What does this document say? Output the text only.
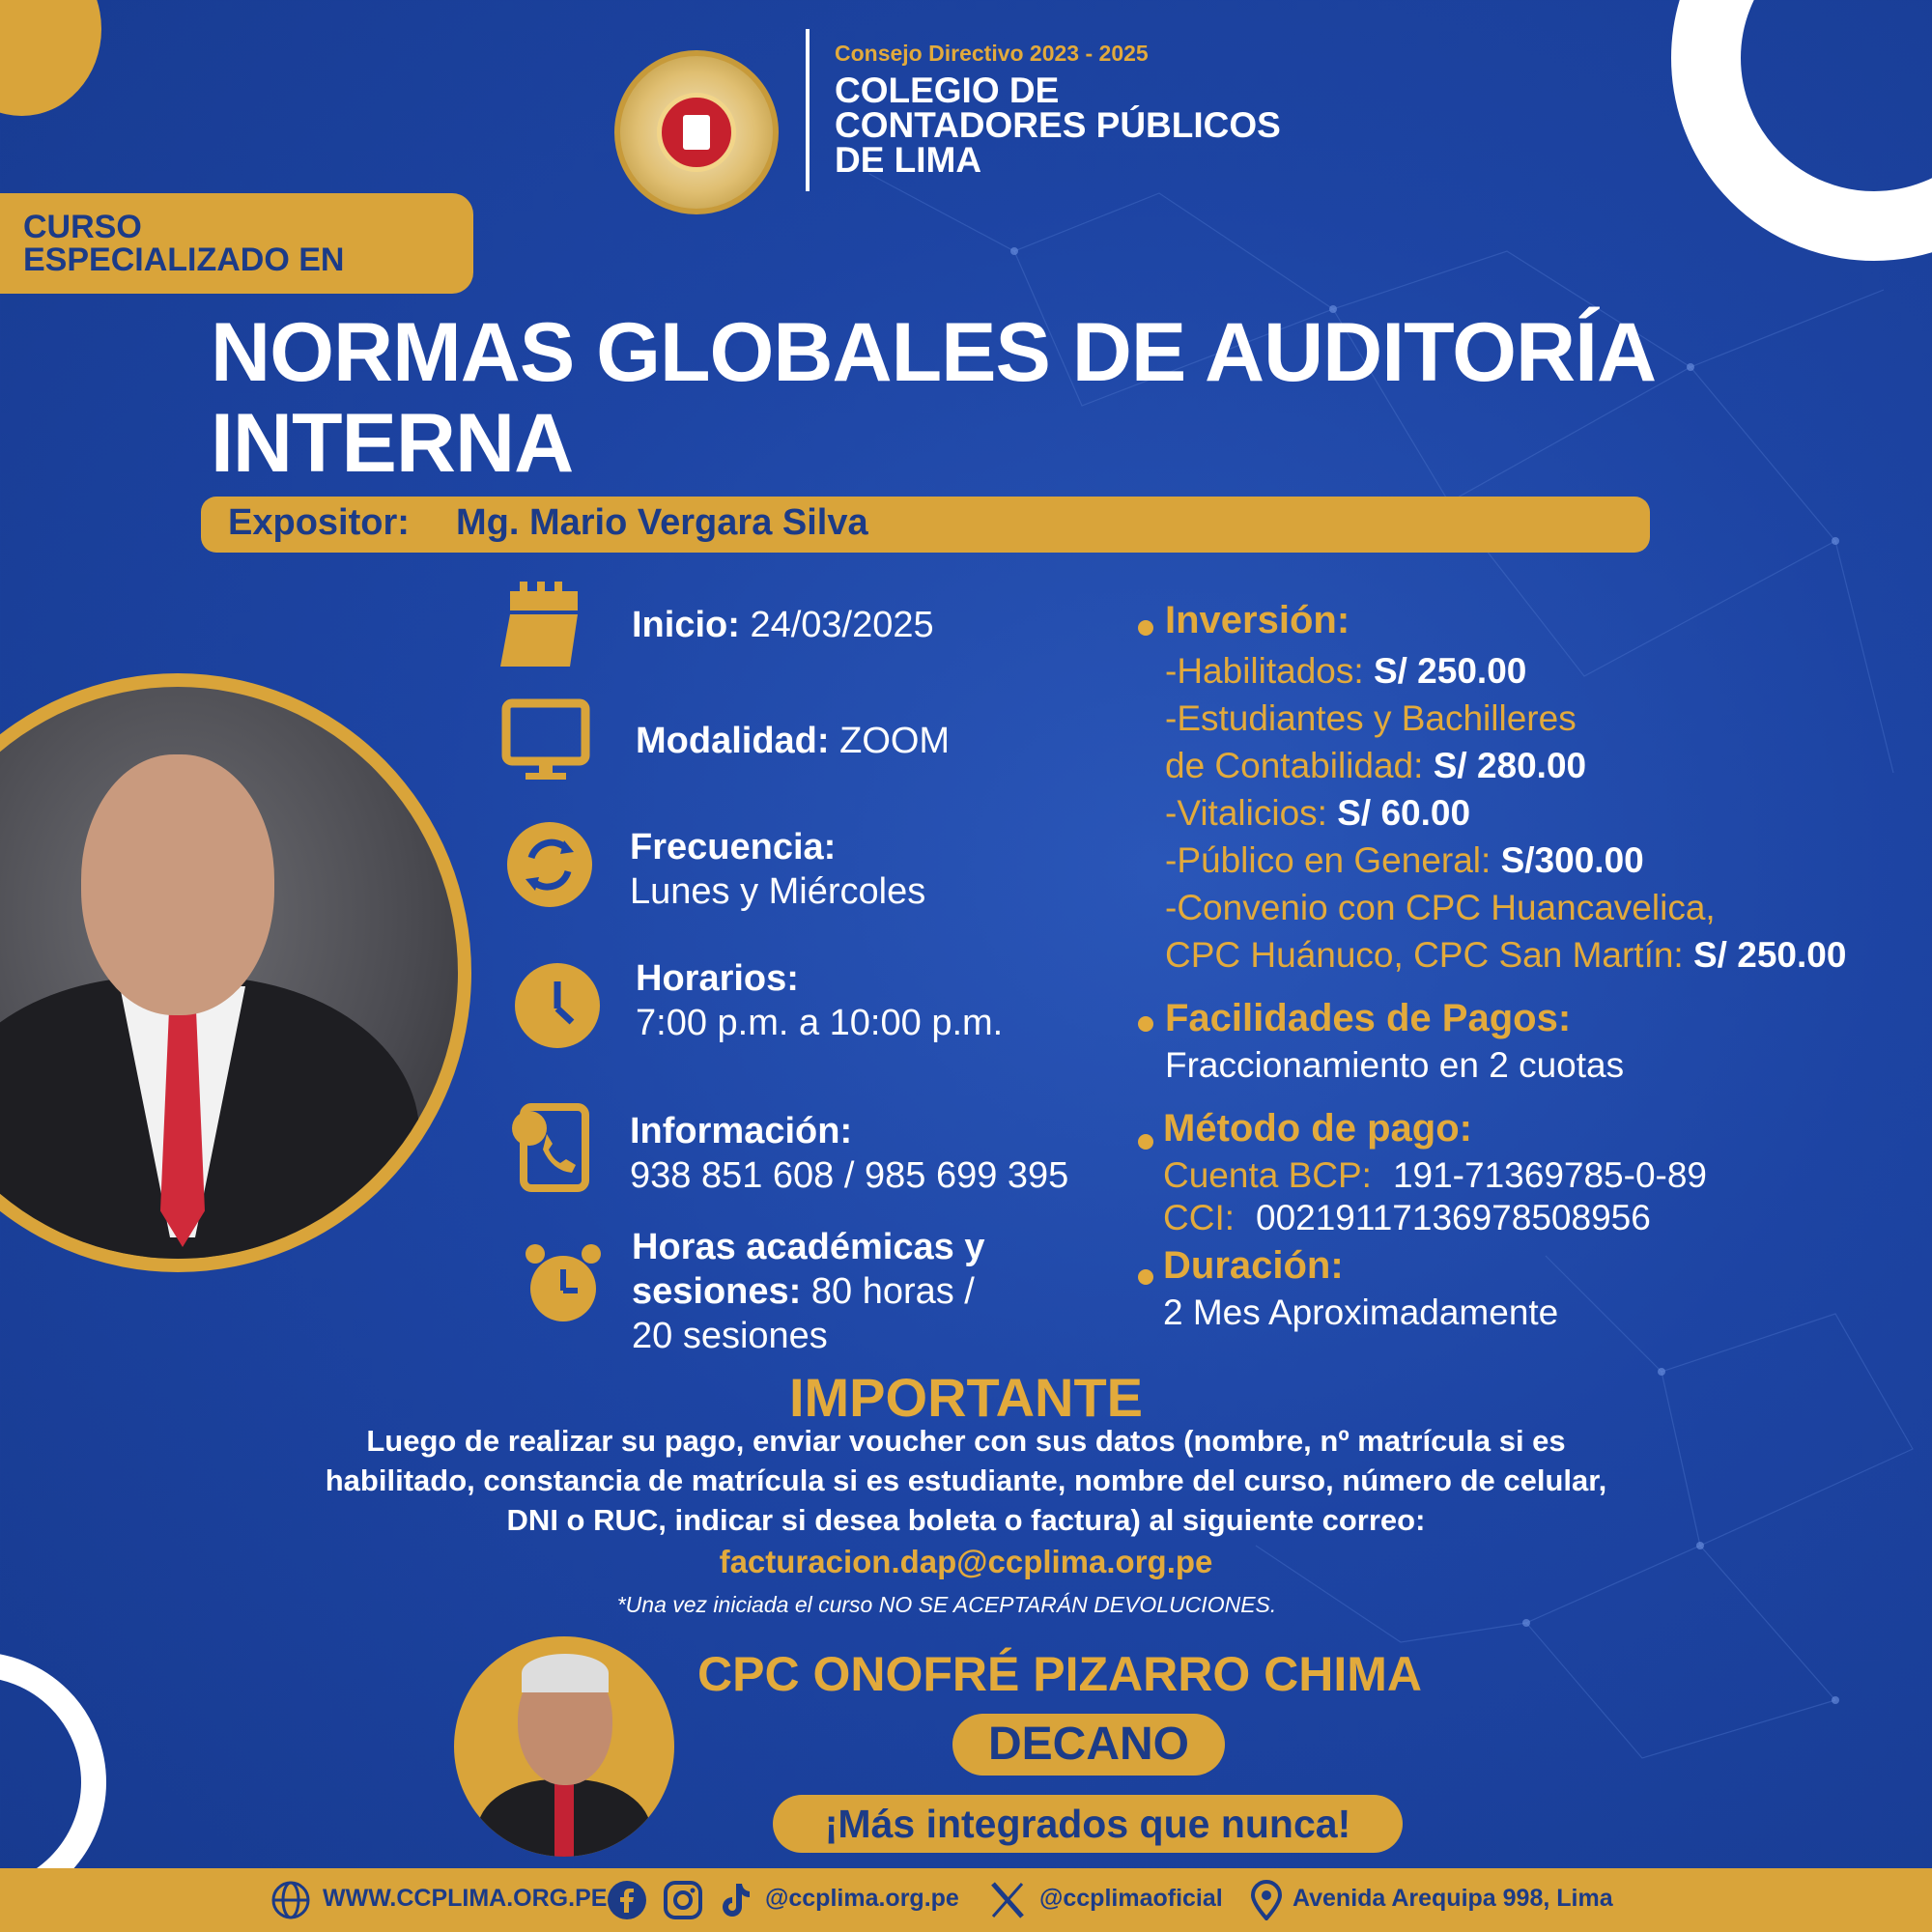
Consejo Directivo 2023 - 2025
COLEGIO DE
CONTADORES PÚBLICOS
DE LIMA
CURSO
ESPECIALIZADO EN
NORMAS GLOBALES DE AUDITORÍA
INTERNA
Expositor: Mg. Mario Vergara Silva
Inicio: 24/03/2025
Modalidad: ZOOM
Frecuencia:
Lunes y Miércoles
Horarios:
7:00 p.m. a 10:00 p.m.
Información:
938 851 608 / 985 699 395
Horas académicas y
sesiones: 80 horas /
20 sesiones
Inversión:
-Habilitados: S/ 250.00
-Estudiantes y Bachilleres
de Contabilidad: S/ 280.00
-Vitalicios: S/ 60.00
-Público en General: S/300.00
-Convenio con CPC Huancavelica,
CPC Huánuco, CPC San Martín: S/ 250.00
Facilidades de Pagos:
Fraccionamiento en 2 cuotas
Método de pago:
Cuenta BCP: 191-71369785-0-89
CCI: 00219117136978508956
Duración:
2 Mes Aproximadamente
IMPORTANTE
Luego de realizar su pago, enviar voucher con sus datos (nombre, nº matrícula si es
habilitado, constancia de matrícula si es estudiante, nombre del curso, número de celular,
DNI o RUC, indicar si desea boleta o factura) al siguiente correo:
facturacion.dap@ccplima.org.pe
*Una vez iniciada el curso NO SE ACEPTARÁN DEVOLUCIONES.
CPC ONOFRÉ PIZARRO CHIMA
DECANO
¡Más integrados que nunca!
WWW.CCPLIMA.ORG.PE	@ccplima.org.pe	@ccplimaoficial	Avenida Arequipa 998, Lima
